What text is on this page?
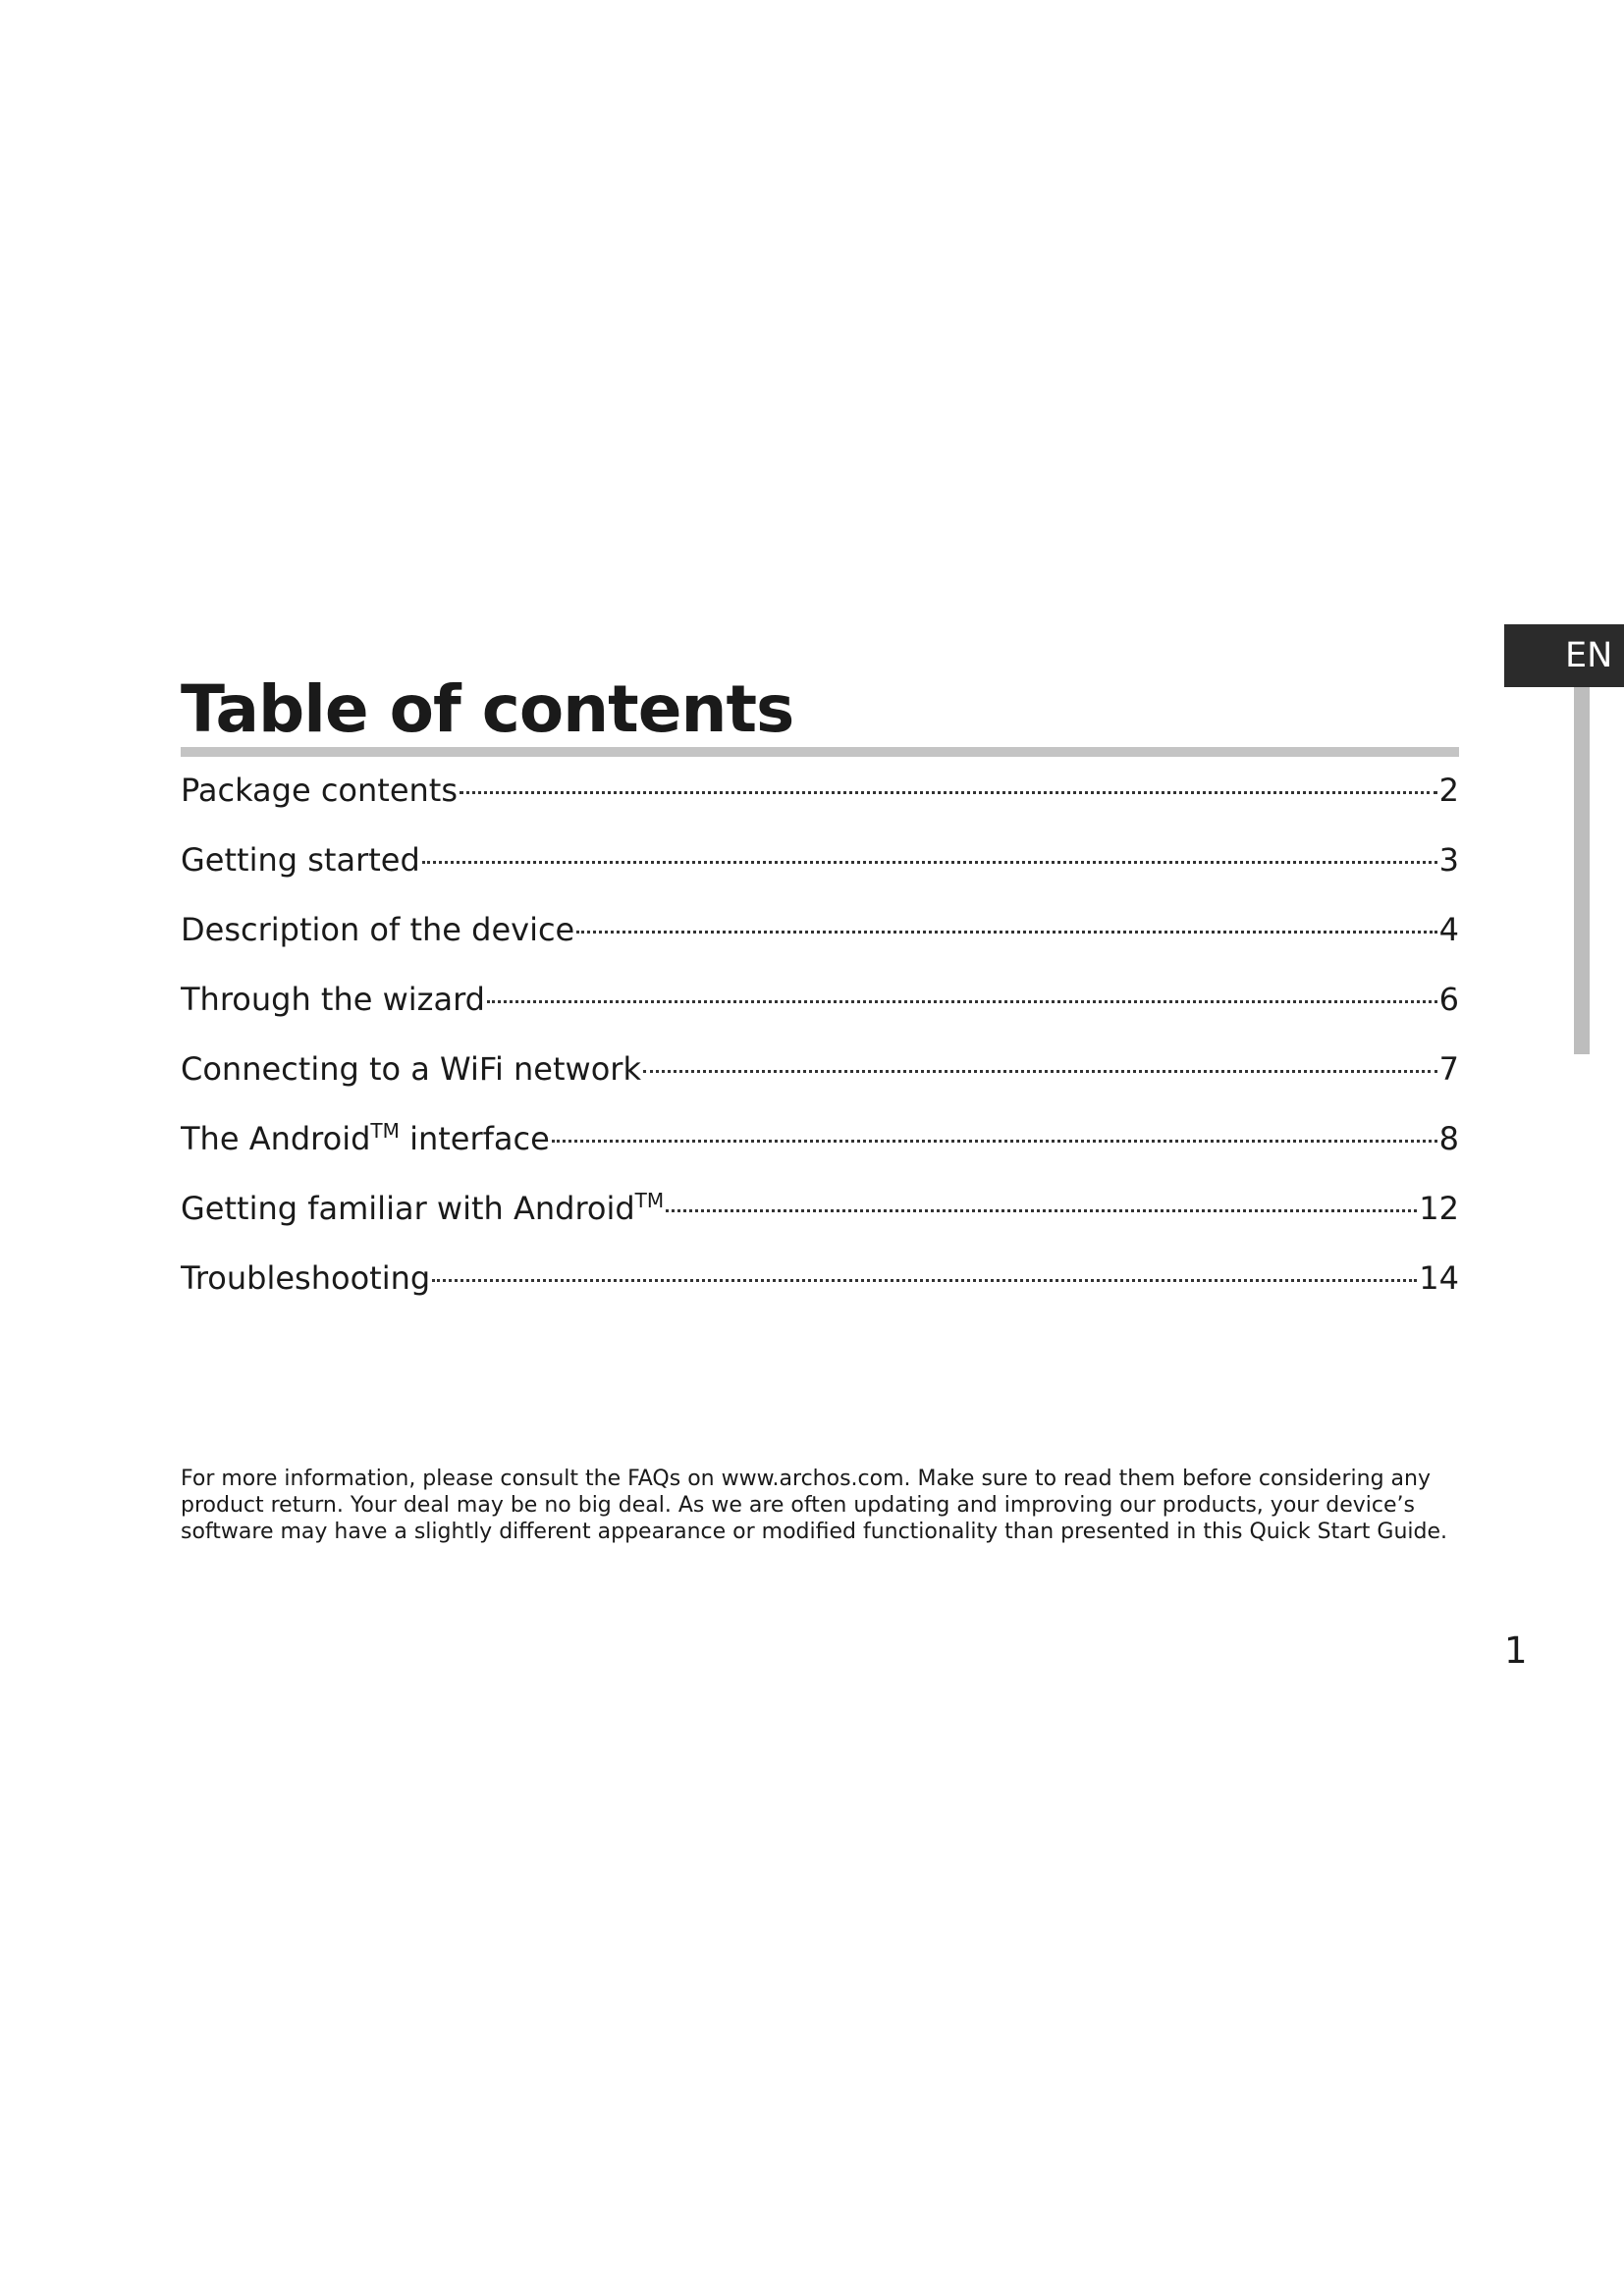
EN
Table of contents
Package contents	2
Getting started	3
Description of the device	4
Through the wizard	6
Connecting to a WiFi network	7
The Android™ interface	8
Getting familiar with Android™	12
Troubleshooting	14

For more information, please consult the FAQs on www.archos.com. Make sure to read them before considering any product return. Your deal may be no big deal. As we are often updating and improving our products, your device’s software may have a slightly different appearance or modified functionality than presented in this Quick Start Guide.

1
